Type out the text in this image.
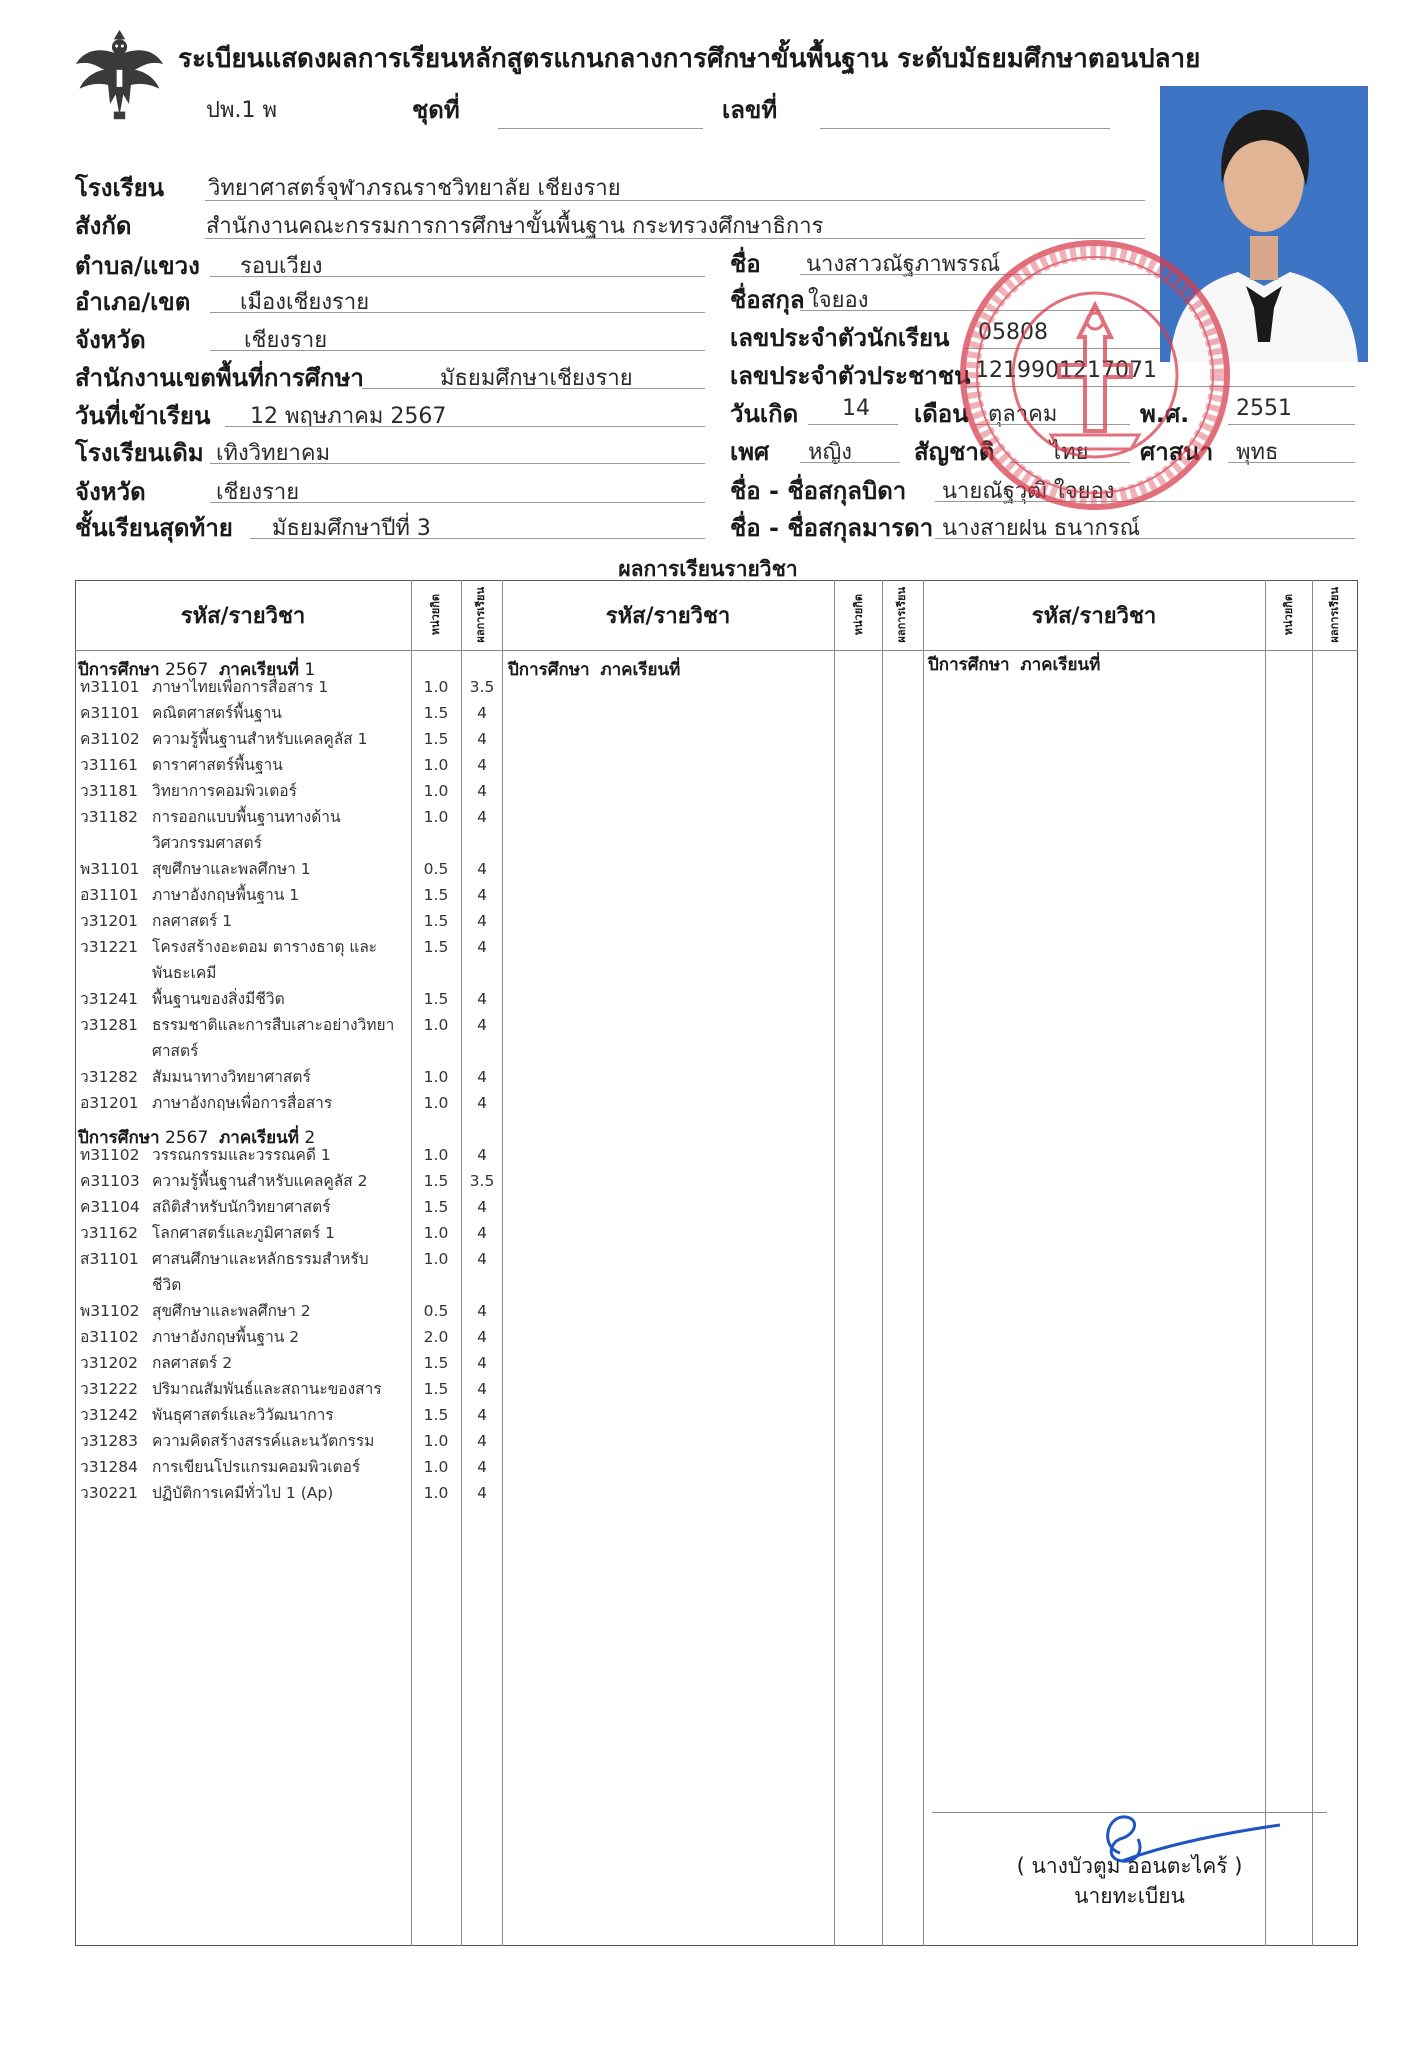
ระเบียนแสดงผลการเรียนหลักสูตรแกนกลางการศึกษาขั้นพื้นฐาน ระดับมัธยมศึกษาตอนปลาย
ปพ.1 พ	ชุดที่	เลขที่
โรงเรียน วิทยาศาสตร์จุฬาภรณราชวิทยาลัย เชียงราย
สังกัด	สำนักงานคณะกรรมการการศึกษาขั้นพื้นฐาน กระทรวงศึกษาธิการ
ตำบล/แขวง รอบเวียง
อำเภอ/เขต เมืองเชียงราย
จังหวัด	เชียงราย
สำนักงานเขตพื้นที่การศึกษา	มัธยมศึกษาเชียงราย
วันที่เข้าเรียน 12 พฤษภาคม 2567
โรงเรียนเดิม เทิงวิทยาคม
จังหวัด	เชียงราย
ชั้นเรียนสุดท้าย มัธยมศึกษาปีที่ 3
ชื่อ นางสาวณัฐภาพรรณ์
ชื่อสกุล ใจยอง
เลขประจำตัวนักเรียน 05808
เลขประจำตัวประชาชน 1219901217071
วันเกิด 14 เดือน ตุลาคม	พ.ศ. 2551
เพศ หญิง	สัญชาติ	ไทย ศาสนา พุทธ
ชื่อ - ชื่อสกุลบิดา นายณัฐวุฒิ ใจยอง
ชื่อ - ชื่อสกุลมารดา นางสายฝน ธนากรณ์
ผลการเรียนรายวิชา
รหัส/รายวิชา	หน่วยกิต	ผลการเรียน	รหัส/รายวิชา	หน่วยกิต	ผลการเรียน	รหัส/รายวิชา	หน่วยกิต	ผลการเรียน
ปีการศึกษา 2567 ภาคเรียนที่ 1
ปีการศึกษา 2567 ภาคเรียนที่ 2
ปีการศึกษา ภาคเรียนที่	ปีการศึกษา ภาคเรียนที่
ท31101 ภาษาไทยเพื่อการสื่อสาร 1	1.0	3.5
ค31101 คณิตศาสตร์พื้นฐาน	1.5	4
ค31102 ความรู้พื้นฐานสำหรับแคลคูลัส 1	1.5	4
ว31161 ดาราศาสตร์พื้นฐาน	1.0	4
ว31181 วิทยาการคอมพิวเตอร์	1.0	4
ว31182 การออกแบบพื้นฐานทางด้าน	1.0	4
วิศวกรรมศาสตร์
พ31101 สุขศึกษาและพลศึกษา 1	0.5	4
อ31101 ภาษาอังกฤษพื้นฐาน 1	1.5	4
ว31201 กลศาสตร์ 1	1.5	4
ว31221 โครงสร้างอะตอม ตารางธาตุ และ	1.5	4
พันธะเคมี
ว31241 พื้นฐานของสิ่งมีชีวิต	1.5	4
ว31281 ธรรมชาติและการสืบเสาะอย่างวิทยา	1.0	4
ศาสตร์
ว31282 สัมมนาทางวิทยาศาสตร์	1.0	4
อ31201 ภาษาอังกฤษเพื่อการสื่อสาร	1.0	4
ท31102 วรรณกรรมและวรรณคดี 1	1.0	4
ค31103 ความรู้พื้นฐานสำหรับแคลคูลัส 2	1.5	3.5
ค31104 สถิติสำหรับนักวิทยาศาสตร์	1.5	4
ว31162 โลกศาสตร์และภูมิศาสตร์ 1	1.0	4
ส31101 ศาสนศึกษาและหลักธรรมสำหรับ	1.0	4
ชีวิต
พ31102 สุขศึกษาและพลศึกษา 2	0.5	4
อ31102 ภาษาอังกฤษพื้นฐาน 2	2.0	4
ว31202 กลศาสตร์ 2	1.5	4
ว31222 ปริมาณสัมพันธ์และสถานะของสาร	1.5	4
ว31242 พันธุศาสตร์และวิวัฒนาการ	1.5	4
ว31283 ความคิดสร้างสรรค์และนวัตกรรม	1.0	4
ว31284 การเขียนโปรแกรมคอมพิวเตอร์	1.0	4
ว30221 ปฏิบัติการเคมีทั่วไป 1 (Ap)	1.0	4
( นางบัวตูม ออนตะไคร้ )
นายทะเบียน
